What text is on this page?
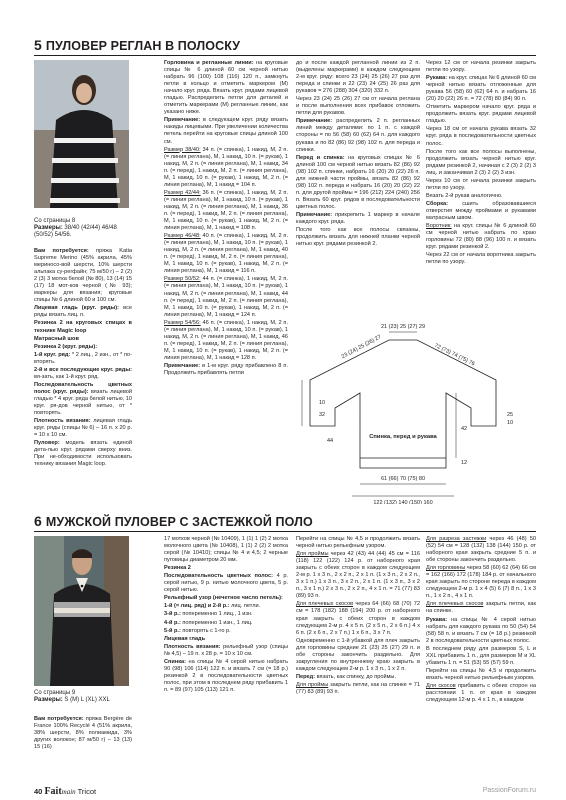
5 ПУЛОВЕР РЕГЛАН В ПОЛОСКУ
Со страницы 8
Размеры: 38/40 (42/44) 46/48 (50/52) 54/56.

Вам потребуется: пряжа Katia Supreme Merino (45% акрила, 45% мериносо-вой шерсти, 10% шерсти альпака су-perфайн; 75 м/50 г) – 2 (2) 2 (3) 3 мотка белой (№ 80), 13 (14) 15 (17) 18 мот-ков черной (№ 93); маркеры для вязания; круговые спицы № 6 длиной 60 и 100 см.

Лицевая гладь (круг. ряды): все ряды вязать лиц. п.

Резинка 2 на круговых спицах в технике Magic loop

Матрасный шов

Резинка 2 (круг. ряды):

1-й круг. ряд: * 2 лиц., 2 изн., от * по-вторять.

2-й и все последующие круг. ряды: вя-зать, как 1-й круг. ряд.

Последовательность цветных полос (круг. ряды): вязать лицевой гладью * 4 круг. ряда белой нитью, 10 круг. ря-дов черной нитью, от * повторять.

Плотность вязания: лицевая гладь круг. ряды (спицы № 6) – 16 п. х 20 р. = 10 х 10 см.

Пуловер: модель вязать единой дета-лью круг. рядами сверху вниз. При не-обходимости использовать технику вязания Magic loop.

Горловина и регланные линии: на круговые спицы № 6 длиной 60 см черной нитью набрать 96 (100) 108 (116) 120 п., замкнуть петли в кольцо и отметить маркером (М) начало круг. ряда. Вязать круг. рядами лицевой гладью. Распределить петли для деталей и отметить маркерами (М) регланные линии, как указано ниже.

Примечание: в следующем круг. ряду вязать накиды лицевыми. При увеличении количества петель перейти на круговые спицы длиной 100 см.

Размер 38/40: 34 п. (= спинка), 1 накид, М, 2 п. (= линия реглана), М, 1 накид, 10 п. (= рукав), 1 накид, М, 2 п. (= линия реглана), М, 1 накид, 34 п. (= перед), 1 накид, М, 2 п. (= линия реглана), М, 1 накид, 10 п. (= рукав), 1 накид, М, 2 п. (= линия реглана), М, 1 накид = 104 п.

Размер 42/44: 36 п. (= спинка), 1 накид, М, 2 п. (= линия реглана), М, 1 накид, 10 п. (= рукав), 1 накид, М, 2 п. (= линия реглана), М, 1 накид, 36 п. (= перед), 1 накид, М, 2 п. (= линия реглана), М, 1 накид, 10 п. (= рукав), 1 накид, М, 2 п. (= линия реглана), М, 1 накид = 108 п.

Размер 46/48: 40 п. (= спинка), 1 накид, М, 2 п. (= линия реглана), М, 1 накид, 10 п. (= рукав), 1 накид, М, 2 п. (= линия реглана), М, 1 накид, 40 п. (= перед), 1 накид, М, 2 п. (= линия реглана), М, 1 накид, 10 п. (= рукав), 1 накид, М, 2 п. (= линия реглана), М, 1 накид = 116 п.

Размер 50/52: 44 п. (= спинка), 1 накид, М, 2 п. (= линия реглана), М, 1 накид, 10 п. (= рукав), 1 накид, М, 2 п. (= линия реглана), М, 1 накид, 44 п. (= перед), 1 накид, М, 2 п. (= линия реглана), М, 1 накид, 10 п. (= рукав), 1 накид, М, 2 п. (= линия реглана), М, 1 накид = 124 п.

Размер 54/56: 46 п. (= спинка), 1 накид, М, 2 п. (= линия реглана), М, 1 накид, 10 п. (= рукав), 1 накид, М, 2 п. (= линия реглана), М, 1 накид, 46 п. (= перед), 1 накид, М, 2 п. (= линия реглана), М, 1 накид, 10 п. (= рукав), 1 накид, М, 2 п. (= линия реглана), М, 1 накид = 128 п.

Примечание: в 1-м круг. ряду прибавлено 8 п. Продолжить прибавлять петли

до и после каждой регланной линии из 2 п. (выделены маркерами) в каждом следующем 2-м круг. ряду: всего 23 (24) 25 (26) 27 раз для переда и спинки и 22 (23) 24 (25) 26 раз для рукавов = 276 (288) 304 (320) 332 п.

Через 23 (24) 25 (26) 27 см от начала реглана и после выполнения всех прибавок отложить петли для рукавов.

Примечание: распределить 2 п. регланных линий между деталями: по 1 п. с каждой стороны = по 56 (58) 60 (62) 64 п. для каждого рукава и по 82 (86) 92 (98) 102 п. для переда и спинки.

Перед и спинка: на круговых спицах № 6 длиной 100 см черной нитью вязать 82 (86) 92 (98) 102 п. спинки, набрать 16 (20) 20 (22) 26 п. для нижней части проймы, вязать 82 (86) 92 (98) 102 п. переда и набрать 16 (20) 20 (22) 22 п. для другой проймы = 196 (212) 224 (240) 256 п. Вязать 60 круг. рядов в последовательности цветных полос.

Примечание: прикрепить 1 маркер в начале каждого круг. ряда.

После того как все полосы связаны, продолжить вязать для нижней планки черной нитью круг. рядами резинкой 2.

Через 12 см от начала резинки закрыть петли по узору.

Рукава: на круг. спицах № 6 длиной 60 см черной нитью вязать отложенные для рукава 56 (58) 60 (62) 64 п. и набрать 16 (20) 20 (22) 26 п. = 72 (78) 80 (84) 90 п.

Отметить маркером начало круг. ряда и продолжить вязать круг. рядами лицевой гладью.

Через 18 см от начала рукава вязать 32 круг. ряда в последовательности цветных полос.

После того как все полосы выполнены, продолжить вязать черной нитью круг. рядами резинкой 2, начиная с 2 (3) 2 (2) 3 лиц. и заканчивая 2 (3) 2 (2) 3 изн.

Через 10 см от начала резинки закрыть петли по узору.

Вязать 2-й рукав аналогично.

Сборка: сшить образовавшиеся отверстия между проймами и рукавами матрасным швом.

Воротник: на круг. спицы № 6 длиной 60 см черной нитью набрать по краю горловины 72 (80) 88 (96) 100 п. и вязать круг. рядами резинкой 2.

Через 22 см от начала воротника закрыть петли по узору.

21 (23) 25 (27) 29
23 (24) 25 (26) 27	72 (73) 74 (75) 76
10
32
44
25
10
Спинка, перед и рукава
42
12
61 (66) 70 (75) 80
122 (132) 140 (150) 160
6 МУЖСКОЙ ПУЛОВЕР С ЗАСТЕЖКОЙ ПОЛО
Со страницы 9
Размеры: S (M) L (XL) XXL

Вам потребуется: пряжа Bergère de France 100% Recyclé 4 (51% акрила, 38% шерсти, 8% полиамида, 3% других волокон; 87 м/50 г) – 13 (13) 15 (16)

17 мотков черной (№ 10409), 1 (1) 1 (2) 2 мотка молочного цвета (№ 10408), 1 (1) 2 (2) 2 мотка серой (№ 10410); спицы № 4 и 4,5; 2 черные пуговицы диаметром 20 мм.

Резинка 2

Последовательность цветных полос: 4 р. серой нитью, 9 р. нитью молочного цвета, 5 р. серой нитью.

Рельефный узор (нечетное число петель):

1-й (= лиц. ряд) и 2-й р.: лиц. петли.

3-й р.: попеременно 1 лиц., 1 изн.

4-й р.: попеременно 1 изн., 1 лиц.

5-й р.: повторять с 1-го р.

Лицевая гладь

Плотность вязания: рельефный узор (спицы № 4,5) – 19 п. х 28 р. = 10 х 10 см.

Спинка: на спицы № 4 серой нитью набрать 90 (98) 106 (114) 122 п. и вязать 7 см (= 18 р.) резинкой 2 в последовательности цветных полос, при этом в последнем ряду прибавить 1 п. = 89 (97) 105 (113) 121 п.

Перейти на спицы № 4,5 и продолжить вязать черной нитью рельефным узором.

Для проймы через 42 (43) 44 (44) 45 см = 116 (118) 122 (122) 124 р. от наборного края закрыть с обеих сторон в каждом следующем 2-м р. 1 х 3 п., 2 х 2 п., 2 х 1 п. (1 х 3 п., 2 х 2 п., 3 х 1 п.) 1 х 3 п., 3 х 2 п., 2 х 1 п. (1 х 3 п., 3 х 2 п., 3 х 1 п.) 2 х 3 п., 2 х 2 п., 4 х 1 п. = 71 (77) 83 (89) 93 п.

Для плечевых скосов через 64 (66) 68 (70) 72 см = 178 (182) 188 (194) 200 р. от наборного края закрыть с обеих сторон в каждом следующем 2-м р. 4 х 5 п. (2 х 5 п., 2 х 6 п.) 4 х 6 п. (2 х 6 п., 2 х 7 п.) 1 х 6 п., 3 х 7 п.

Одновременно с 1-й убавкой для плеч закрыть для горловины средние 21 (23) 25 (27) 29 п. и обе стороны закончить раздельно. Для закругления по внутреннему краю закрыть в каждом следующем 2-м р. 1 х 3 п., 1 х 2 п.

Перед: вязать, как спинку, до проймы.

Для проймы закрыть петли, как на спинке = 71 (77) 83 (89) 93 п.

Для разреза застежки через 46 (48) 50 (52) 54 см = 128 (132) 138 (144) 150 р. от наборного края закрыть средние 5 п. и обе стороны закончить раздельно.

Для горловины через 58 (60) 62 (64) 66 см = 162 (166) 172 (178) 184 р. от начального края закрыть по стороне переда в каждом следующем 2-м р. 1 х 4 (5) 6 (7) 8 п., 1 х 3 п., 1 х 2 п., 4 х 1 п.

Для плечевых скосов закрыть петли, как на спинке.

Рукава: на спицы № 4 серой нитью набрать для каждого рукава по 50 (54) 54 (58) 58 п. и вязать 7 см (= 18 р.) резинкой 2 в последовательности цветных полос.

В последнем ряду для размеров S, L и XXL прибавить 1 п., для размеров M и XL убавить 1 п. = 51 (53) 55 (57) 59 п.

Перейти на спицы № 4,5 и продолжить вязать черной нитью рельефным узором.

Для скосов прибавить с обеих сторон на расстоянии 1 п. от края в каждом следующем 12-м р. 4 х 1 п., в каждом

40 Faitmain Tricot	PassionForum.ru
